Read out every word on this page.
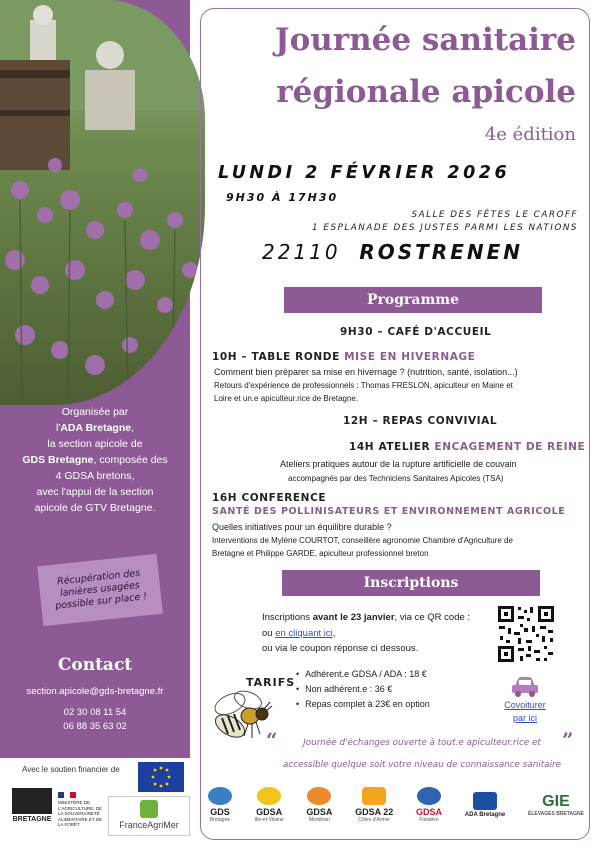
Organisée par
l'ADA Bretagne,
la section apicole de
GDS Bretagne, composée des
4 GDSA bretons,
avec l'appui de la section
apicole de GTV Bretagne.
Récupération des lanières usagées possible sur place !
Contact
section.apicole@gds-bretagne.fr
02 30 08 11 54
06 88 35 63 02
Avec le soutien financier de
BRETAGNE
MINISTÈRE DE L'AGRICULTURE, DE LA SOUVERAINETÉ ALIMENTAIRE ET DE LA FORÊT	FranceAgriMer
Journée sanitaire
régionale apicole
4e édition
LUNDI 2 FÉVRIER 2026
9H30 À 17H30
SALLE DES FÊTES LE CAROFF
1 ESPLANADE DES JUSTES PARMI LES NATIONS
22110 ROSTRENEN
Programme
9H30 – CAFÉ D'ACCUEIL
10H – TABLE RONDE MISE EN HIVERNAGE
Comment bien préparer sa mise en hivernage ? (nutrition, santé, isolation...)
Retours d'expérience de professionnels : Thomas FRESLON, apiculteur en Maine et
Loire et un.e apiculteur.rice de Bretagne.
12H – REPAS CONVIVIAL
14H ATELIER ENCAGEMENT DE REINE
Ateliers pratiques autour de la rupture artificielle de couvain
accompagnés par des Techniciens Sanitaires Apicoles (TSA)
16H CONFERENCE
SANTÉ DES POLLINISATEURS ET ENVIRONNEMENT AGRICOLE
Quelles initiatives pour un équilibre durable ?
Interventions de Mylène COURTOT, conseillère agronomie Chambre d'Agriculture de
Bretagne et Philippe GARDE, apiculteur professionnel breton
Inscriptions
Inscriptions avant le 23 janvier, via ce QR code :
ou en cliquant ici,
ou via le coupon réponse ci dessous.
TARIFS
• Adhérent.e GDSA / ADA : 18 €
• Non adhérent.e : 36 €
• Repas complet à 23€ en option	Covoiturer
par ici
“	”
Journée d'échanges ouverte à tout.e apiculteur.rice et
accessible quelque soit votre niveau de connaissance sanitaire
GDS
Bretagne
GDSA
Ille-et-Vilaine
GDSA
Morbihan
GDSA 22
Côtes d'Armor
GDSA
Finistère
ADA Bretagne
GIE
ÉLEVAGES BRETAGNE
